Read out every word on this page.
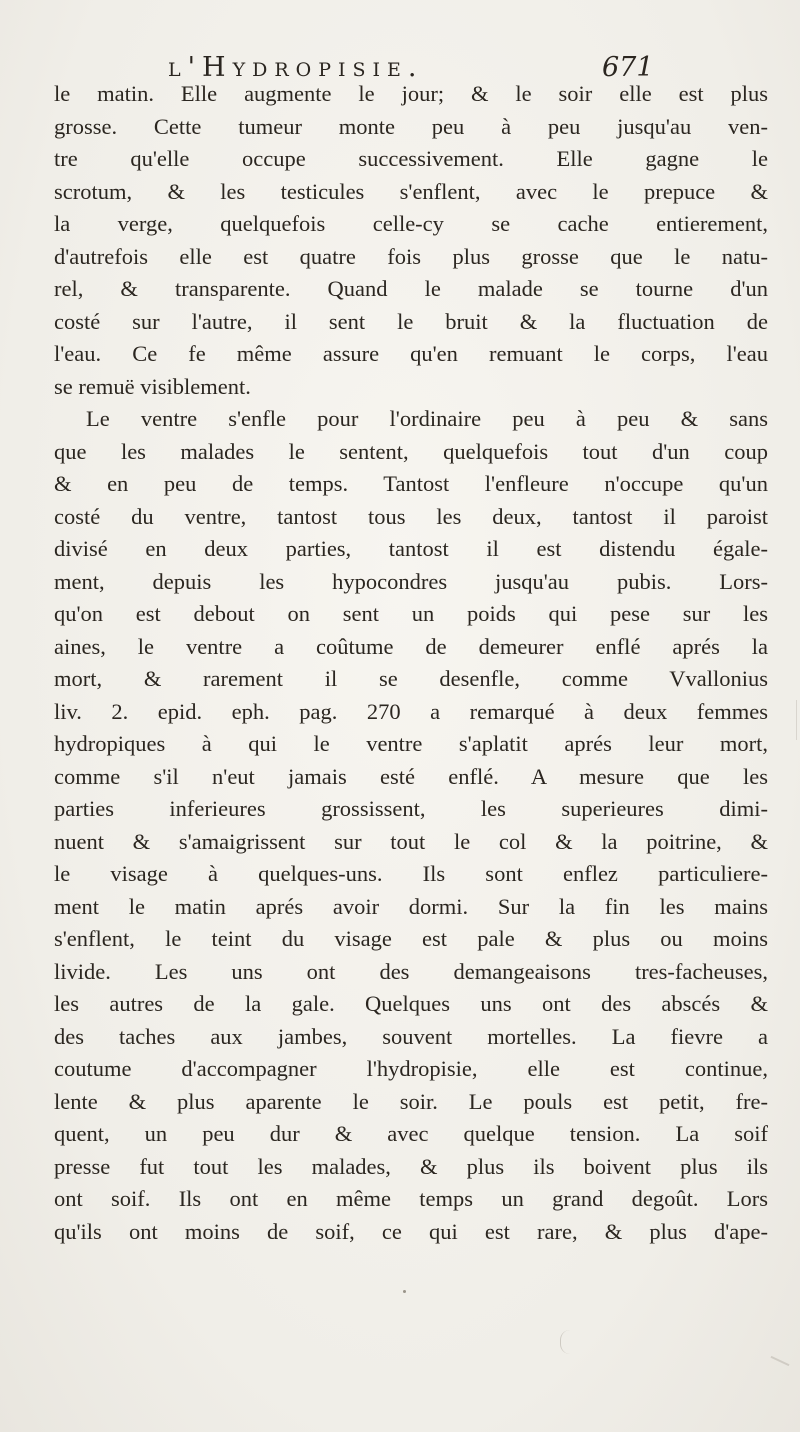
l'Hydropisie.	671
le matin. Elle augmente le jour; & le soir elle est plus
grosse. Cette tumeur monte peu à peu jusqu'au ven-
tre qu'elle occupe successivement. Elle gagne le
scrotum, & les testicules s'enflent, avec le prepuce &
la verge, quelquefois celle-cy se cache entierement,
d'autrefois elle est quatre fois plus grosse que le natu-
rel, & transparente. Quand le malade se tourne d'un
costé sur l'autre, il sent le bruit & la fluctuation de
l'eau. Ce fe même assure qu'en remuant le corps, l'eau
se remuë visiblement.
Le ventre s'enfle pour l'ordinaire peu à peu & sans
que les malades le sentent, quelquefois tout d'un coup
& en peu de temps. Tantost l'enfleure n'occupe qu'un
costé du ventre, tantost tous les deux, tantost il paroist
divisé en deux parties, tantost il est distendu égale-
ment, depuis les hypocondres jusqu'au pubis. Lors-
qu'on est debout on sent un poids qui pese sur les
aines, le ventre a coûtume de demeurer enflé aprés la
mort, & rarement il se desenfle, comme Vvallonius
liv. 2. epid. eph. pag. 270 a remarqué à deux femmes
hydropiques à qui le ventre s'aplatit aprés leur mort,
comme s'il n'eut jamais esté enflé. A mesure que les
parties inferieures grossissent, les superieures dimi-
nuent & s'amaigrissent sur tout le col & la poitrine, &
le visage à quelques-uns. Ils sont enflez particuliere-
ment le matin aprés avoir dormi. Sur la fin les mains
s'enflent, le teint du visage est pale & plus ou moins
livide. Les uns ont des demangeaisons tres-facheuses,
les autres de la gale. Quelques uns ont des abscés &
des taches aux jambes, souvent mortelles. La fievre a
coutume d'accompagner l'hydropisie, elle est continue,
lente & plus aparente le soir. Le pouls est petit, fre-
quent, un peu dur & avec quelque tension. La soif
presse fut tout les malades, & plus ils boivent plus ils
ont soif. Ils ont en même temps un grand degoût. Lors
qu'ils ont moins de soif, ce qui est rare, & plus d'ape-
